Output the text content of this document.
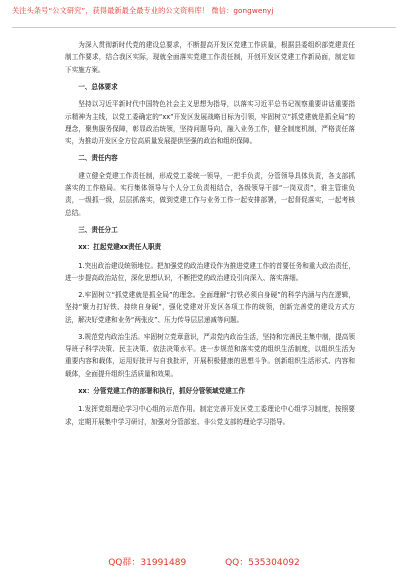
关注头条号“公文研究”，获得最新最全最专业的公文资料库！ 微信：gongwenyj

为深入贯彻新时代党的建设总要求，不断提高开发区党建工作质量，根据县委组织部党建责任制工作要求，结合我区实际，现就全面落实党建工作责任制，开创开发区党建工作新局面，制定如下实施方案。

一、总体要求

坚持以习近平新时代中国特色社会主义思想为指导，以落实习近平总书记视察重要讲话重要指示精神为主线，以党工委确定的“xx”开发区发展战略目标为引领，牢固树立“抓党建就是抓全局”的理念，聚焦服务保障，彰显政治统领，坚持问题导向，融入业务工作，健全制度机制，严格责任落实，为推动开发区全方位高质量发展提供坚强的政治和组织保障。

二、责任内容

建立健全党建工作责任制，形成党工委统一领导，一把手负责，分管领导具体负责，各支部抓落实的工作格局。实行集体领导与个人分工负责相结合，各级领导干部“一岗双责”，谁主管谁负责，一级抓一级，层层抓落实，做到党建工作与业务工作一起安排部署，一起督促落实，一起考核总结。

三、责任分工

xx：扛起党建xx责任人职责

1.突出政治建设统领地位。把加强党的政治建设作为推进党建工作的首要任务和重大政治责任，进一步提高政治站位，深化思想认识，不断把党的政治建设引向深入、落实落细。

2.牢固树立“抓党建就是抓全局”的理念。全面理解“打铁必须自身硬”的科学内涵与内在逻辑，坚持“聚力打好铁、持续自身硬”，强化党建对开发区各项工作的统领，创新完善党的建设方式方法，解决好党建和业务“两张皮”、压力传导层层递减等问题。

3.规范党内政治生活。牢固树立党章意识，严肃党内政治生活，坚持和完善民主集中制，提高领导班子科学决策、民主决策、依法决策水平。进一步规范和落实党的组织生活制度，以组织生活为重要内容和载体，运用好批评与自我批评，开展积极健康的思想斗争。创新组织生活形式、内容和载体，全面提升组织生活质量和效果。

xx：分管党建工作的部署和执行，抓好分管领域党建工作

1.发挥党组理论学习中心组的示范作用。制定完善开发区党工委理论中心组学习制度，按照要求，定期开展集中学习研讨，加强对分管部室、非公党支部的理论学习指导。

QQ群：31991489	QQ：535304092
